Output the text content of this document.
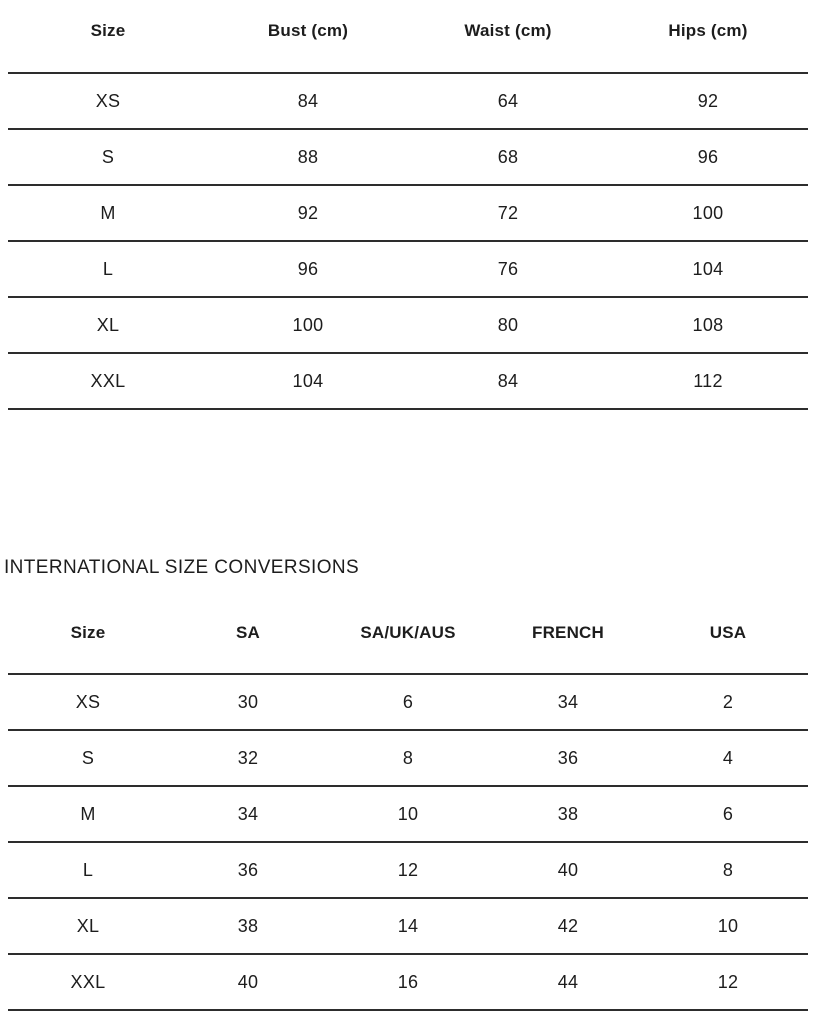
Size	Bust (cm)	Waist (cm)	Hips (cm)
XS	84	64	92
S	88	68	96
M	92	72	100
L	96	76	104
XL	100	80	108
XXL	104	84	112
INTERNATIONAL SIZE CONVERSIONS
Size	SA	SA/UK/AUS	FRENCH	USA
XS	30	6	34	2
S	32	8	36	4
M	34	10	38	6
L	36	12	40	8
XL	38	14	42	10
XXL	40	16	44	12
